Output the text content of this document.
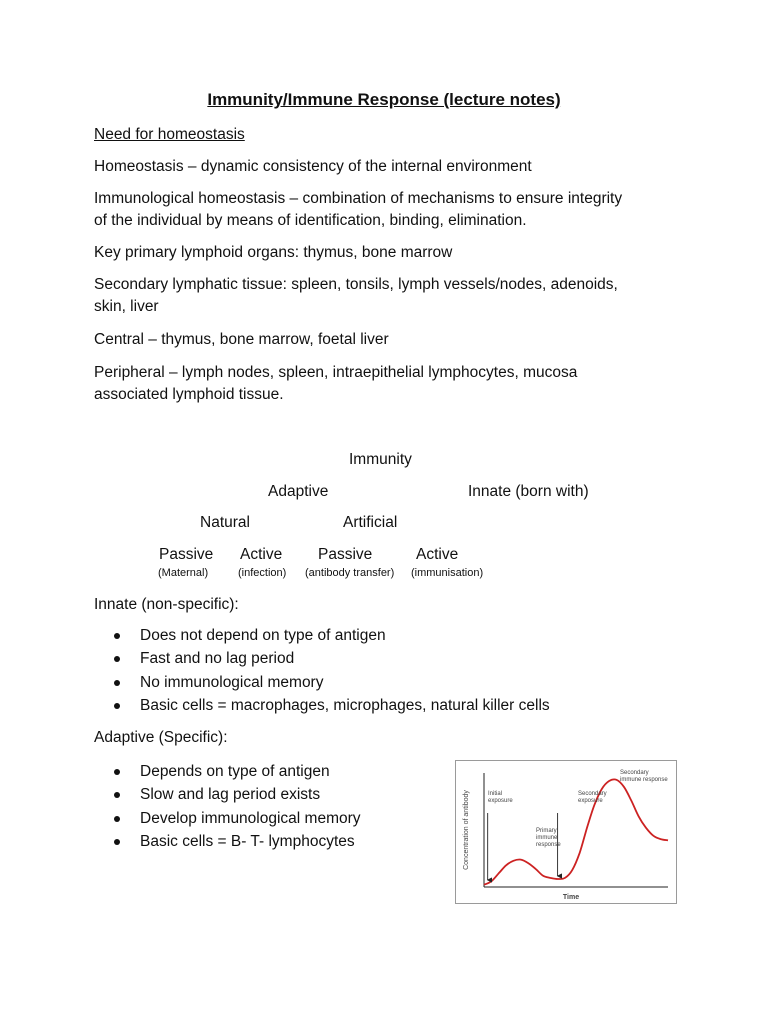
Immunity/Immune Response (lecture notes)
Need for homeostasis
Homeostasis – dynamic consistency of the internal environment
Immunological homeostasis – combination of mechanisms to ensure integrity
of the individual by means of identification, binding, elimination.
Key primary lymphoid organs: thymus, bone marrow
Secondary lymphatic tissue: spleen, tonsils, lymph vessels/nodes, adenoids,
skin, liver
Central – thymus, bone marrow, foetal liver
Peripheral – lymph nodes, spleen, intraepithelial lymphocytes, mucosa
associated lymphoid tissue.
Immunity
Adaptive	Innate (born with)
Natural	Artificial
Passive Active Passive	Active
(Maternal)	(infection) (antibody transfer) (immunisation)
Innate (non-specific):
Does not depend on type of antigen
Fast and no lag period
No immunological memory
Basic cells = macrophages, microphages, natural killer cells
Adaptive (Specific):
Depends on type of antigen
Slow and lag period exists
Develop immunological memory
Basic cells = B- T- lymphocytes	Concentration of antibody
Time
Initial exposure
Primary immune response
Secondary exposure
Secondary immune response
